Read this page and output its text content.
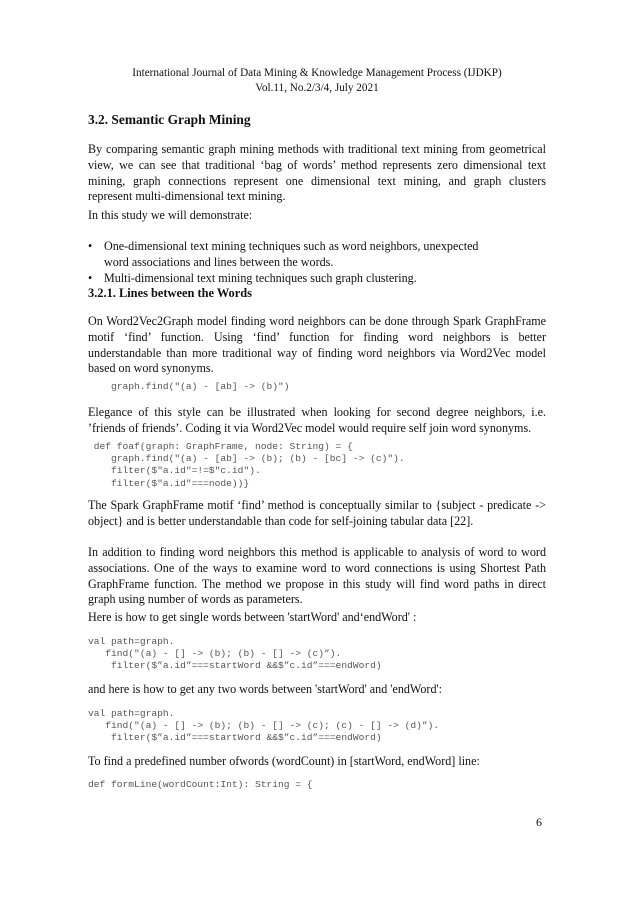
International Journal of Data Mining & Knowledge Management Process (IJDKP)

Vol.11, No.2/3/4, July 2021

3.2. Semantic Graph Mining

By comparing semantic graph mining methods with traditional text mining from geometrical view, we can see that traditional ‘bag of words’ method represents zero dimensional text mining, graph connections represent one dimensional text mining, and graph clusters represent multi-dimensional text mining.

In this study we will demonstrate:

• One-dimensional text mining techniques such as word neighbors, unexpected word associations and lines between the words.
• Multi-dimensional text mining techniques such graph clustering.
3.2.1. Lines between the Words

On Word2Vec2Graph model finding word neighbors can be done through Spark GraphFrame motif ‘find’ function. Using ‘find’ function for finding word neighbors is better understandable than more traditional way of finding word neighbors via Word2Vec model based on word synonyms.

graph.find("(a) - [ab] -> (b)")

Elegance of this style can be illustrated when looking for second degree neighbors, i.e. ’friends of friends’. Coding it via Word2Vec model would require self join word synonyms.

def foaf(graph: GraphFrame, node: String) = {
graph.find("(a) - [ab] -> (b); (b) - [bc] -> (c)").
filter($"a.id"=!=$"c.id").
filter($"a.id"===node))}

The Spark GraphFrame motif ‘find’ method is conceptually similar to {subject - predicate -> object} and is better understandable than code for self-joining tabular data [22].

In addition to finding word neighbors this method is applicable to analysis of word to word associations. One of the ways to examine word to word connections is using Shortest Path GraphFrame function. The method we propose in this study will find word paths in direct graph using number of words as parameters.

Here is how to get single words between 'startWord' and‘endWord' :

val path=graph.
find("(a) - [] -> (b); (b) - [] -> (c)”).
filter($”a.id”===startWord &&$”c.id”===endWord)

and here is how to get any two words between 'startWord' and 'endWord':

val path=graph.
find("(a) - [] -> (b); (b) - [] -> (c); (c) - [] -> (d)”).
filter($”a.id”===startWord &&$”c.id”===endWord)

To find a predefined number ofwords (wordCount) in [startWord, endWord] line:

def formLine(wordCount:Int): String = {
6
